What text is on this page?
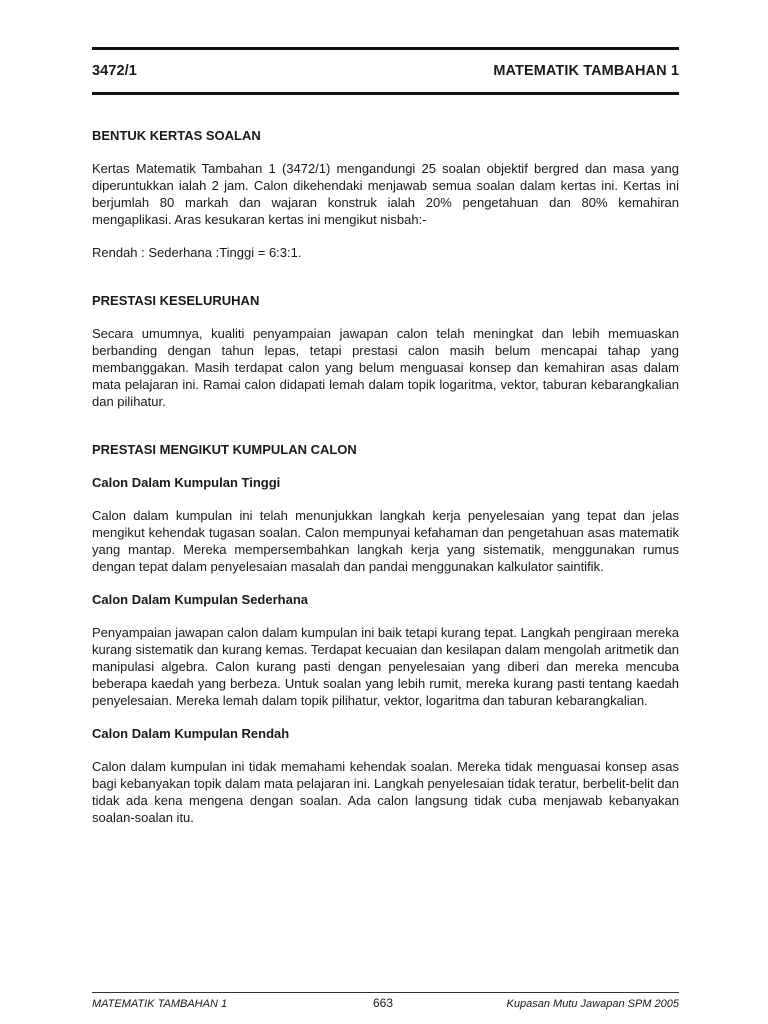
3472/1	MATEMATIK TAMBAHAN 1
BENTUK KERTAS SOALAN

Kertas Matematik Tambahan 1 (3472/1) mengandungi 25 soalan objektif bergred dan masa yang diperuntukkan ialah 2 jam. Calon dikehendaki menjawab semua soalan dalam kertas ini. Kertas ini berjumlah 80 markah dan wajaran konstruk ialah 20% pengetahuan dan 80% kemahiran mengaplikasi. Aras kesukaran kertas ini mengikut nisbah:-

Rendah : Sederhana :Tinggi = 6:3:1.

PRESTASI KESELURUHAN

Secara umumnya, kualiti penyampaian jawapan calon telah meningkat dan lebih memuaskan berbanding dengan tahun lepas, tetapi prestasi calon masih belum mencapai tahap yang membanggakan. Masih terdapat calon yang belum menguasai konsep dan kemahiran asas dalam mata pelajaran ini. Ramai calon didapati lemah dalam topik logaritma, vektor, taburan kebarangkalian dan pilihatur.

PRESTASI MENGIKUT KUMPULAN CALON
Calon Dalam Kumpulan Tinggi

Calon dalam kumpulan ini telah menunjukkan langkah kerja penyelesaian yang tepat dan jelas mengikut kehendak tugasan soalan. Calon mempunyai kefahaman dan pengetahuan asas matematik yang mantap. Mereka mempersembahkan langkah kerja yang sistematik, menggunakan rumus dengan tepat dalam penyelesaian masalah dan pandai menggunakan kalkulator saintifik.

Calon Dalam Kumpulan Sederhana

Penyampaian jawapan calon dalam kumpulan ini baik tetapi kurang tepat. Langkah pengiraan mereka kurang sistematik dan kurang kemas. Terdapat kecuaian dan kesilapan dalam mengolah aritmetik dan manipulasi algebra. Calon kurang pasti dengan penyelesaian yang diberi dan mereka mencuba beberapa kaedah yang berbeza. Untuk soalan yang lebih rumit, mereka kurang pasti tentang kaedah penyelesaian. Mereka lemah dalam topik pilihatur, vektor, logaritma dan taburan kebarangkalian.

Calon Dalam Kumpulan Rendah

Calon dalam kumpulan ini tidak memahami kehendak soalan. Mereka tidak menguasai konsep asas bagi kebanyakan topik dalam mata pelajaran ini. Langkah penyelesaian tidak teratur, berbelit-belit dan tidak ada kena mengena dengan soalan. Ada calon langsung tidak cuba menjawab kebanyakan soalan-soalan itu.

MATEMATIK TAMBAHAN 1	663	Kupasan Mutu Jawapan SPM 2005
